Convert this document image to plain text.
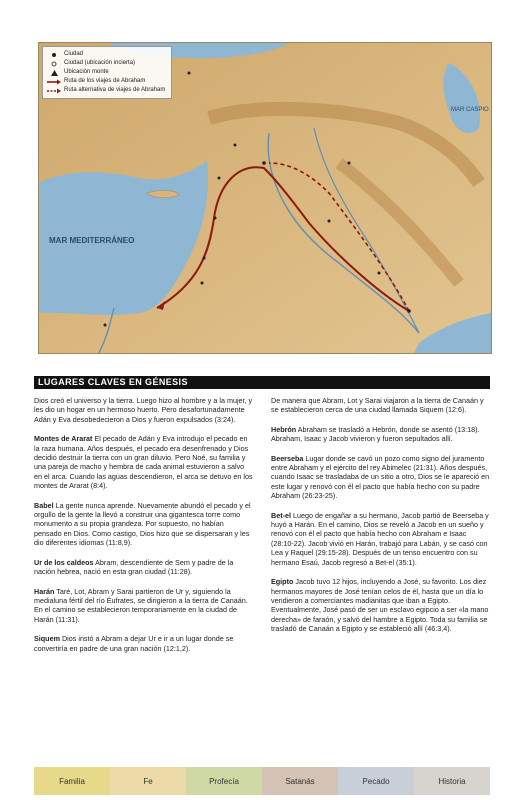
MAR MEDITERRÁNEO
MAR CASPIO
Ciudad
Ciudad (ubicación incierta)
Ubicación monte
Ruta de los viajes de Abraham
Ruta alternativa de viajes de Abraham
LUGARES CLAVES EN GÉNESIS

Dios creó el universo y la tierra. Luego hizo al hombre y a la mujer, y les dio un hogar en un hermoso huerto. Pero desafortunadamente Adán y Eva desobedecieron a Dios y fueron expulsados (3:24).

Montes de Ararat El pecado de Adán y Eva introdujo el pecado en la raza humana. Años después, el pecado era desenfrenado y Dios decidió destruir la tierra con un gran diluvio. Pero Noé, su familia y una pareja de macho y hembra de cada animal estuvieron a salvo en el arca. Cuando las aguas descendieron, el arca se detuvo en los montes de Ararat (8:4).

Babel La gente nunca aprende. Nuevamente abundó el pecado y el orgullo de la gente la llevó a construir una gigantesca torre como monumento a su propia grandeza. Por supuesto, no habían pensado en Dios. Como castigo, Dios hizo que se dispersaran y les dio diferentes idiomas (11:8,9).

Ur de los caldeos Abram, descendiente de Sem y padre de la nación hebrea, nació en esta gran ciudad (11:28).

Harán Taré, Lot, Abram y Sarai partieron de Ur y, siguiendo la medialuna fértil del río Éufrates, se dirigieron a la tierra de Canaán. En el camino se establecieron temporariamente en la ciudad de Harán (11:31).

Siquem Dios instó a Abram a dejar Ur e ir a un lugar donde se convertiría en padre de una gran nación (12:1,2).

De manera que Abram, Lot y Sarai viajaron a la tierra de Canaán y se establecieron cerca de una ciudad llamada Siquem (12:6).

Hebrón Abraham se trasladó a Hebrón, donde se asentó (13:18). Abraham, Isaac y Jacob vivieron y fueron sepultados allí.

Beerseba Lugar donde se cavó un pozo como signo del juramento entre Abraham y el ejército del rey Abimelec (21:31). Años después, cuando Isaac se trasladaba de un sitio a otro, Dios se le apareció en este lugar y renovó con él el pacto que había hecho con su padre Abraham (26:23-25).

Bet-el Luego de engañar a su hermano, Jacob partió de Beerseba y huyó a Harán. En el camino, Dios se reveló a Jacob en un sueño y renovó con él el pacto que había hecho con Abraham e Isaac (28:10-22). Jacob vivió en Harán, trabajó para Labán, y se casó con Lea y Raquel (29:15-28). Después de un tenso encuentro con su hermano Esaú, Jacob regresó a Bet-el (35:1).

Egipto Jacob tuvo 12 hijos, incluyendo a José, su favorito. Los diez hermanos mayores de José tenían celos de él, hasta que un día lo vendieron a comerciantes madianitas que iban a Egipto. Eventualmente, José pasó de ser un esclavo egipcio a ser «la mano derecha» de faraón, y salvó del hambre a Egipto. Toda su familia se trasladó de Canaán a Egipto y se estableció allí (46:3,4).

Familia	Fe	Profecía	Satanás	Pecado	Historia
